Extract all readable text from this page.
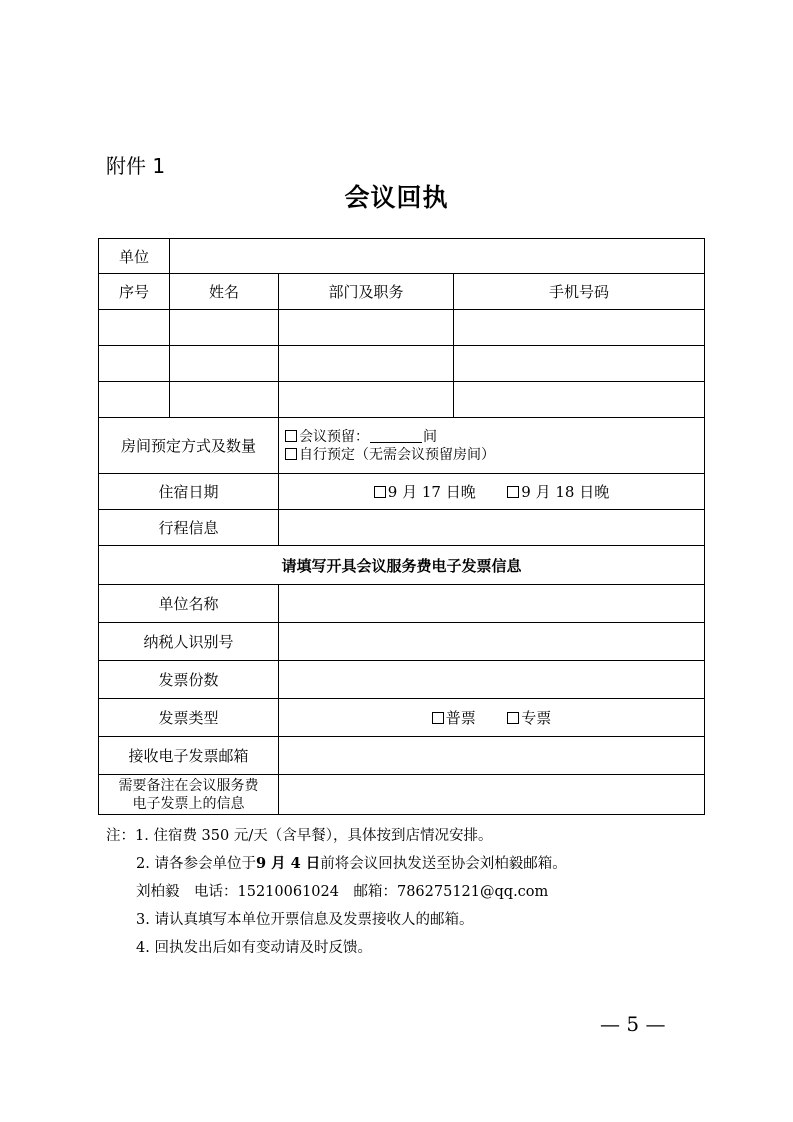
附件 1
会议回执
单位			
序号	姓名	部门及职务	手机号码

房间预定方式及数量		会议预留： 间
自行预定（无需会议预留房间）	

住宿日期		9 月 17 日晚 9 月 18 日晚	
行程信息			
请填写开具会议服务费电子发票信息			
单位名称			
纳税人识别号			
发票份数			
发票类型		普票 专票	
接收电子发票邮箱			

需要备注在会议服务费
电子发票上的信息			

注：1. 住宿费 350 元/天（含早餐），具体按到店情况安排。
2. 请各参会单位于9 月 4 日前将会议回执发送至协会刘柏毅邮箱。
刘柏毅　电话：15210061024　邮箱：786275121@qq.com
3. 请认真填写本单位开票信息及发票接收人的邮箱。
4. 回执发出后如有变动请及时反馈。
— 5 —
